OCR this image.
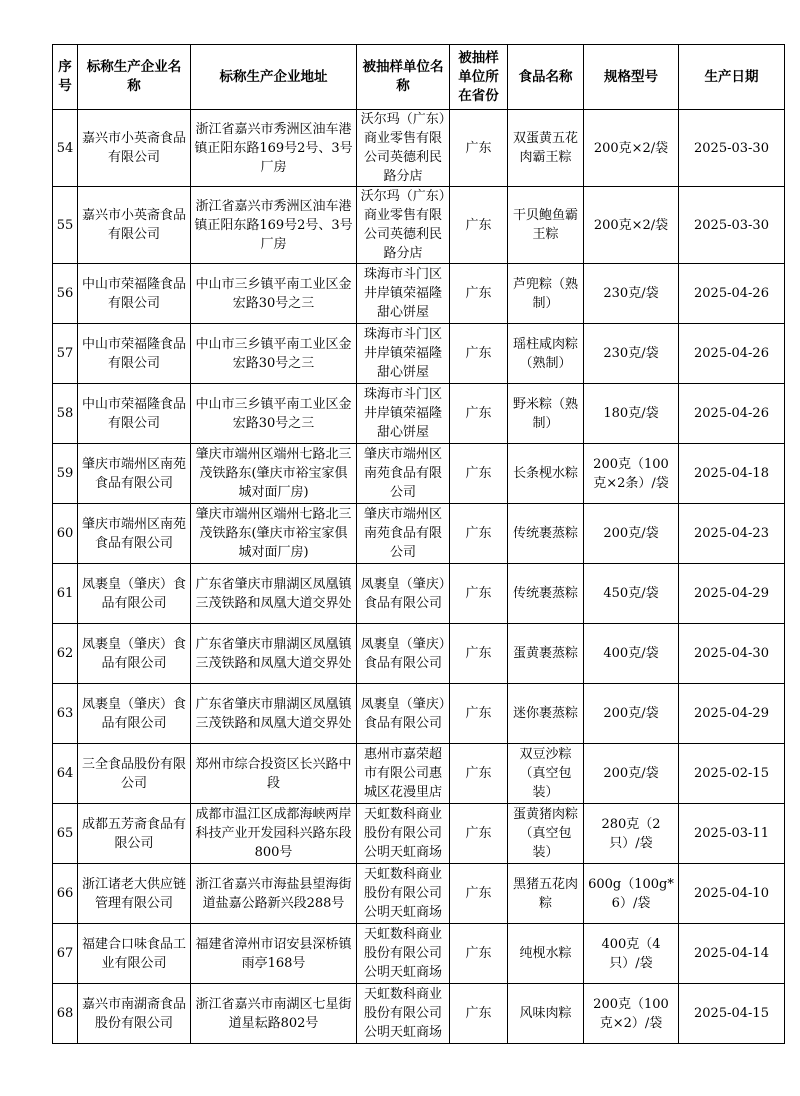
序号	标称生产企业名称	标称生产企业地址	被抽样单位名称	被抽样单位所在省份	食品名称	规格型号	生产日期
54	嘉兴市小英斋食品有限公司	浙江省嘉兴市秀洲区油车港镇正阳东路169号2号、3号厂房	沃尔玛（广东）商业零售有限公司英德利民路分店	广东	双蛋黄五花肉霸王粽	200克×2/袋	2025-03-30
55	嘉兴市小英斋食品有限公司	浙江省嘉兴市秀洲区油车港镇正阳东路169号2号、3号厂房	沃尔玛（广东）商业零售有限公司英德利民路分店	广东	干贝鲍鱼霸王粽	200克×2/袋	2025-03-30
56	中山市荣福隆食品有限公司	中山市三乡镇平南工业区金宏路30号之三	珠海市斗门区井岸镇荣福隆甜心饼屋	广东	芦兜粽（熟制）	230克/袋	2025-04-26
57	中山市荣福隆食品有限公司	中山市三乡镇平南工业区金宏路30号之三	珠海市斗门区井岸镇荣福隆甜心饼屋	广东	瑶柱咸肉粽（熟制）	230克/袋	2025-04-26
58	中山市荣福隆食品有限公司	中山市三乡镇平南工业区金宏路30号之三	珠海市斗门区井岸镇荣福隆甜心饼屋	广东	野米粽（熟制）	180克/袋	2025-04-26
59	肇庆市端州区南苑食品有限公司	肇庆市端州区端州七路北三茂铁路东(肇庆市裕宝家俱城对面厂房)	肇庆市端州区南苑食品有限公司	广东	长条枧水粽	200克（100克×2条）/袋	2025-04-18
60	肇庆市端州区南苑食品有限公司	肇庆市端州区端州七路北三茂铁路东(肇庆市裕宝家俱城对面厂房)	肇庆市端州区南苑食品有限公司	广东	传统裹蒸粽	200克/袋	2025-04-23
61	凤裹皇（肇庆）食品有限公司	广东省肇庆市鼎湖区凤凰镇三茂铁路和凤凰大道交界处	凤裹皇（肇庆）食品有限公司	广东	传统裹蒸粽	450克/袋	2025-04-29
62	凤裹皇（肇庆）食品有限公司	广东省肇庆市鼎湖区凤凰镇三茂铁路和凤凰大道交界处	凤裹皇（肇庆）食品有限公司	广东	蛋黄裹蒸粽	400克/袋	2025-04-30
63	凤裹皇（肇庆）食品有限公司	广东省肇庆市鼎湖区凤凰镇三茂铁路和凤凰大道交界处	凤裹皇（肇庆）食品有限公司	广东	迷你裹蒸粽	200克/袋	2025-04-29
64	三全食品股份有限公司	郑州市综合投资区长兴路中段	惠州市嘉荣超市有限公司惠城区花漫里店	广东	双豆沙粽（真空包装）	200克/袋	2025-02-15
65	成都五芳斋食品有限公司	成都市温江区成都海峡两岸科技产业开发园科兴路东段800号	天虹数科商业股份有限公司公明天虹商场	广东	蛋黄猪肉粽（真空包装）	280克（2只）/袋	2025-03-11
66	浙江诸老大供应链管理有限公司	浙江省嘉兴市海盐县望海街道盐嘉公路新兴段288号	天虹数科商业股份有限公司公明天虹商场	广东	黑猪五花肉粽	600g（100g*6）/袋	2025-04-10
67	福建合口味食品工业有限公司	福建省漳州市诏安县深桥镇雨亭168号	天虹数科商业股份有限公司公明天虹商场	广东	纯枧水粽	400克（4只）/袋	2025-04-14
68	嘉兴市南湖斋食品股份有限公司	浙江省嘉兴市南湖区七星街道星耘路802号	天虹数科商业股份有限公司公明天虹商场	广东	风味肉粽	200克（100克×2）/袋	2025-04-15
